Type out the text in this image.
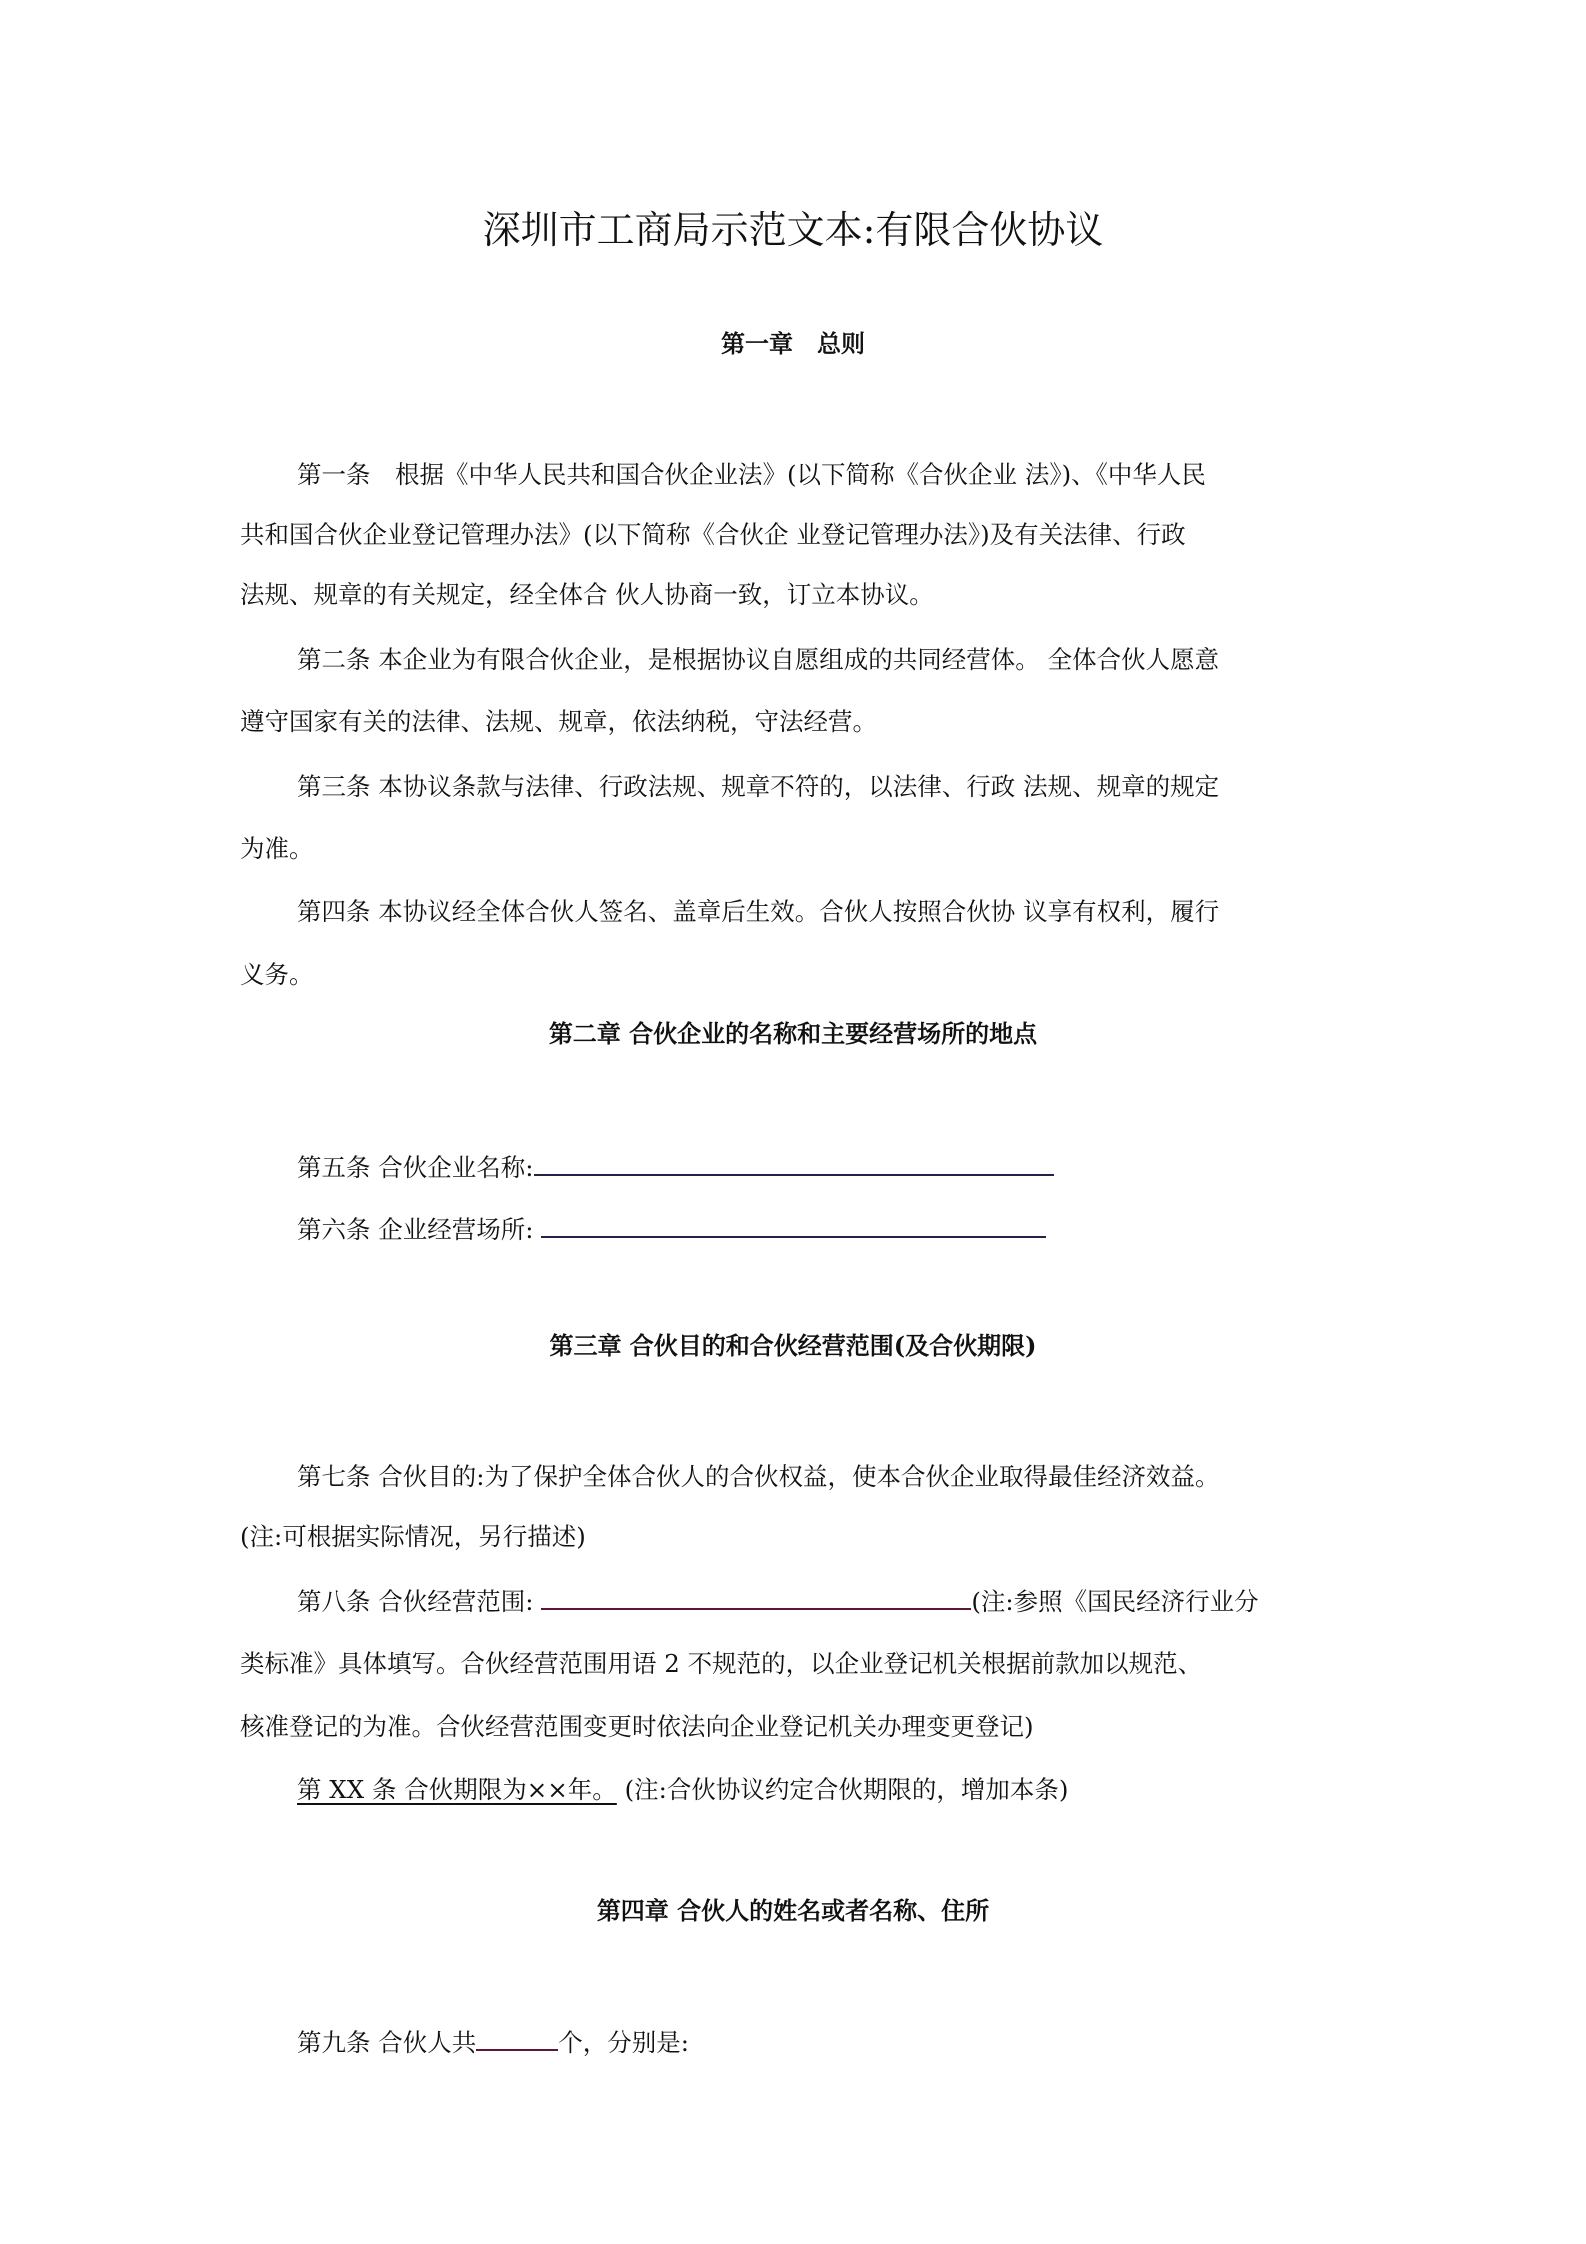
深圳市工商局示范文本:有限合伙协议
第一章　总则
第一条　根据《中华人民共和国合伙企业法》(以下简称《合伙企业 法》)、《中华人民
共和国合伙企业登记管理办法》(以下简称《合伙企 业登记管理办法》)及有关法律、行政
法规、规章的有关规定，经全体合 伙人协商一致，订立本协议。
第二条 本企业为有限合伙企业，是根据协议自愿组成的共同经营体。 全体合伙人愿意
遵守国家有关的法律、法规、规章，依法纳税，守法经营。
第三条 本协议条款与法律、行政法规、规章不符的，以法律、行政 法规、规章的规定
为准。
第四条 本协议经全体合伙人签名、盖章后生效。合伙人按照合伙协 议享有权利，履行
义务。
第二章 合伙企业的名称和主要经营场所的地点
第五条 合伙企业名称:
第六条 企业经营场所:
第三章 合伙目的和合伙经营范围(及合伙期限)
第七条 合伙目的:为了保护全体合伙人的合伙权益，使本合伙企业取得最佳经济效益。
(注:可根据实际情况，另行描述)
第八条 合伙经营范围:	(注:参照《国民经济行业分
类标准》具体填写。合伙经营范围用语 2 不规范的，以企业登记机关根据前款加以规范、
核准登记的为准。合伙经营范围变更时依法向企业登记机关办理变更登记)
第 XX 条 合伙期限为××年。 (注:合伙协议约定合伙期限的，增加本条)
第四章 合伙人的姓名或者名称、住所
第九条 合伙人共	个，分别是:
